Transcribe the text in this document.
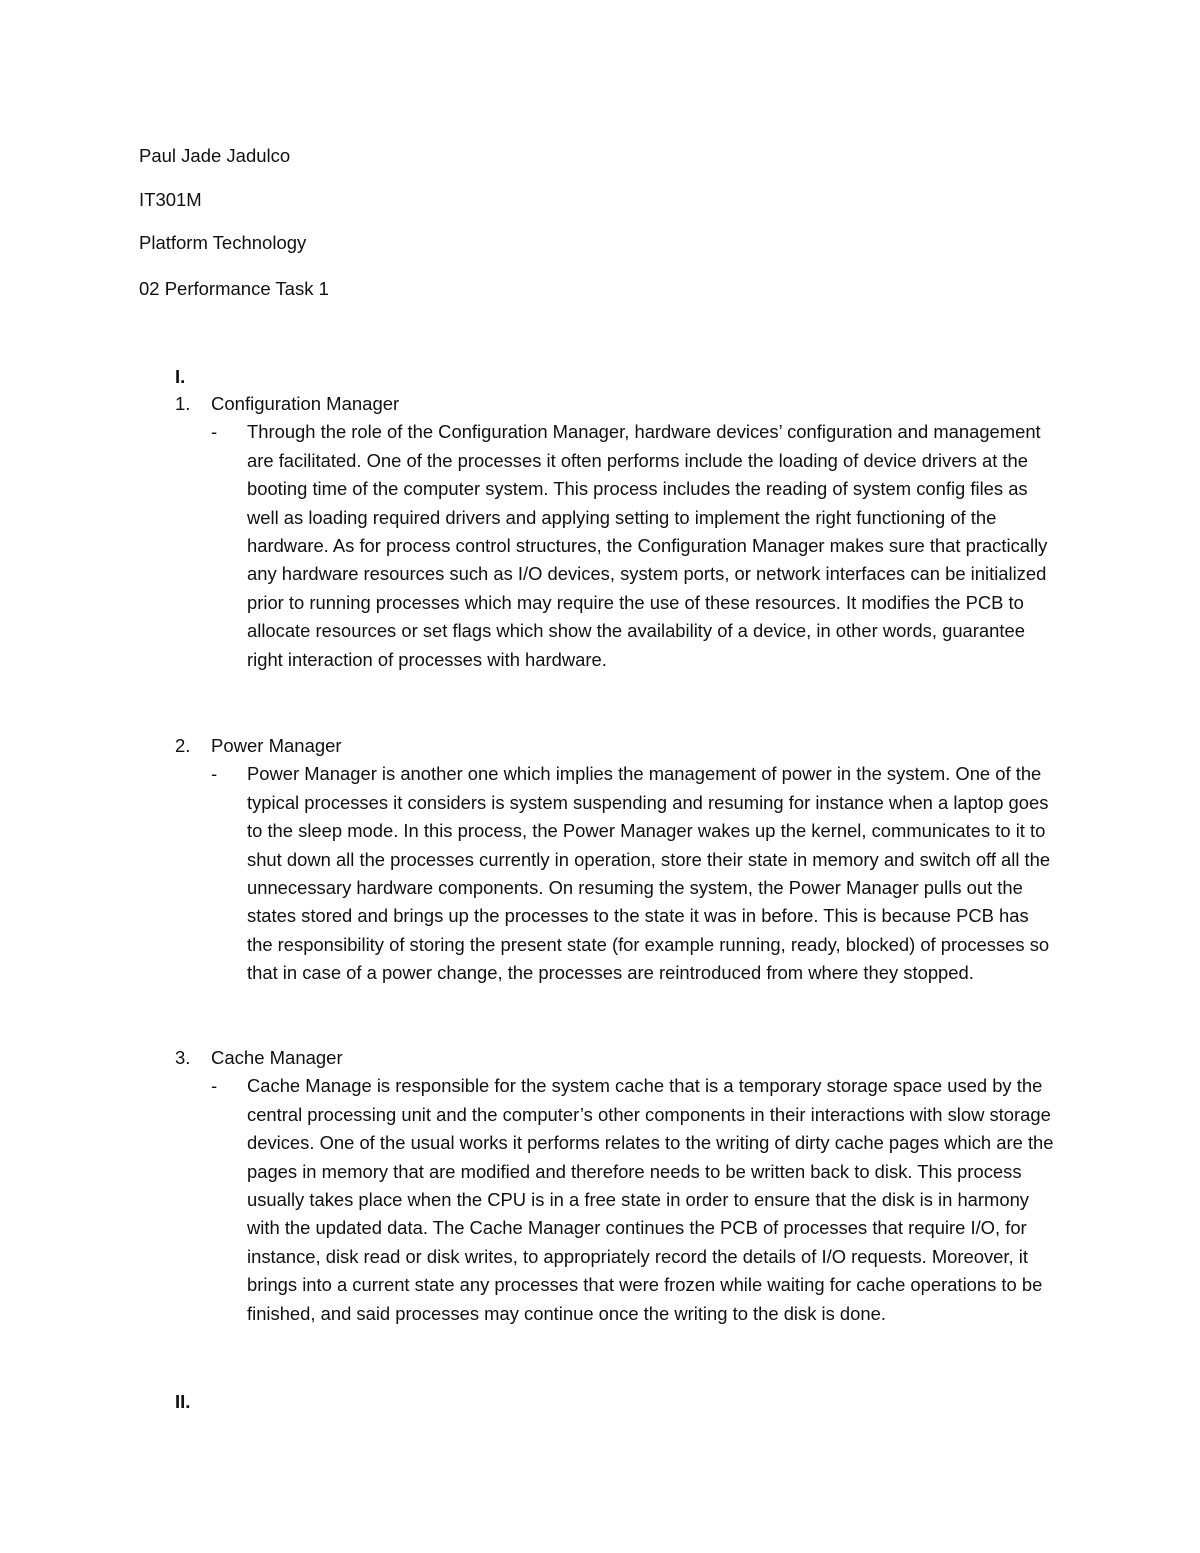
Paul Jade Jadulco
IT301M
Platform Technology
02 Performance Task 1
I.
1.	Configuration Manager
-	Through the role of the Configuration Manager, hardware devices’ configuration and management are facilitated. One of the processes it often performs include the loading of device drivers at the booting time of the computer system. This process includes the reading of system config files as well as loading required drivers and applying setting to implement the right functioning of the hardware. As for process control structures, the Configuration Manager makes sure that practically any hardware resources such as I/O devices, system ports, or network interfaces can be initialized prior to running processes which may require the use of these resources. It modifies the PCB to allocate resources or set flags which show the availability of a device, in other words, guarantee right interaction of processes with hardware.

2.	Power Manager
-	Power Manager is another one which implies the management of power in the system. One of the typical processes it considers is system suspending and resuming for instance when a laptop goes to the sleep mode. In this process, the Power Manager wakes up the kernel, communicates to it to shut down all the processes currently in operation, store their state in memory and switch off all the unnecessary hardware components. On resuming the system, the Power Manager pulls out the states stored and brings up the processes to the state it was in before. This is because PCB has the responsibility of storing the present state (for example running, ready, blocked) of processes so that in case of a power change, the processes are reintroduced from where they stopped.

3.	Cache Manager
-	Cache Manage is responsible for the system cache that is a temporary storage space used by the central processing unit and the computer’s other components in their interactions with slow storage devices. One of the usual works it performs relates to the writing of dirty cache pages which are the pages in memory that are modified and therefore needs to be written back to disk. This process usually takes place when the CPU is in a free state in order to ensure that the disk is in harmony with the updated data. The Cache Manager continues the PCB of processes that require I/O, for instance, disk read or disk writes, to appropriately record the details of I/O requests. Moreover, it brings into a current state any processes that were frozen while waiting for cache operations to be finished, and said processes may continue once the writing to the disk is done.

II.
